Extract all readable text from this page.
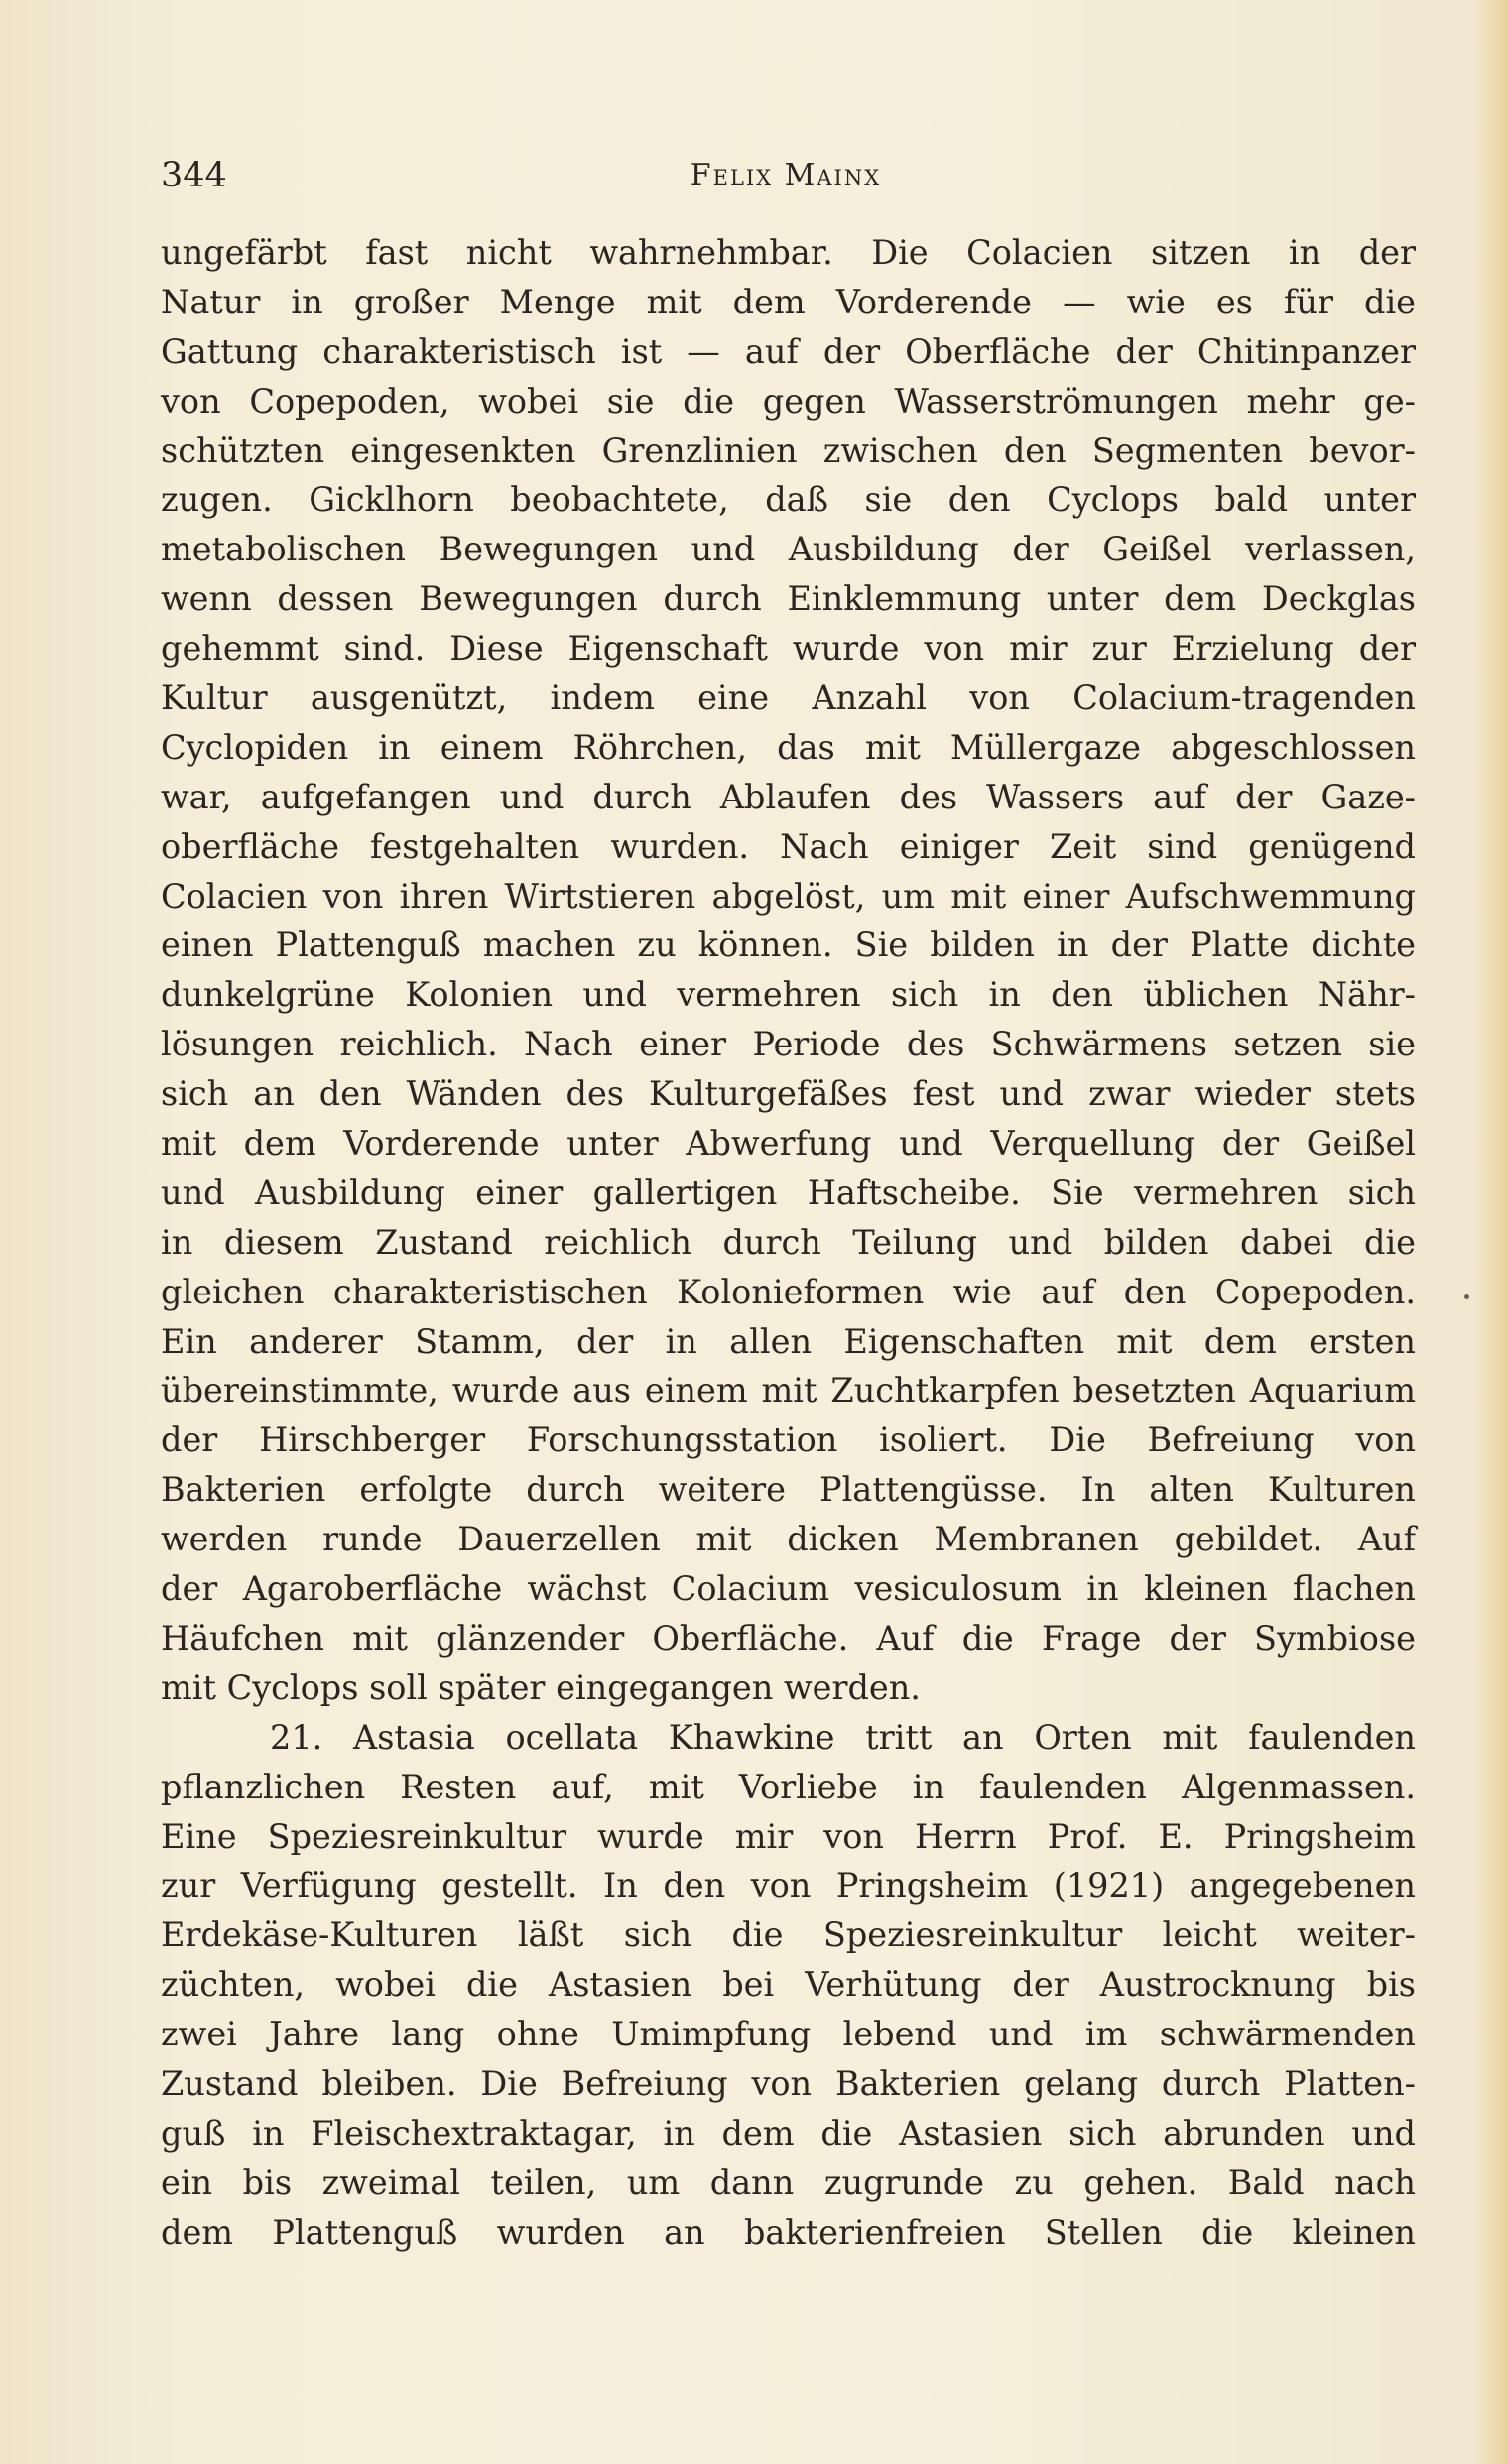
344	Felix Mainx
ungefärbt fast nicht wahrnehmbar. Die Colacien sitzen in der
Natur in großer Menge mit dem Vorderende — wie es für die
Gattung charakteristisch ist — auf der Oberfläche der Chitinpanzer
von Copepoden, wobei sie die gegen Wasserströmungen mehr ge-
schützten eingesenkten Grenzlinien zwischen den Segmenten bevor-
zugen. Gicklhorn beobachtete, daß sie den Cyclops bald unter
metabolischen Bewegungen und Ausbildung der Geißel verlassen,
wenn dessen Bewegungen durch Einklemmung unter dem Deckglas
gehemmt sind. Diese Eigenschaft wurde von mir zur Erzielung der
Kultur ausgenützt, indem eine Anzahl von Colacium-tragenden
Cyclopiden in einem Röhrchen, das mit Müllergaze abgeschlossen
war, aufgefangen und durch Ablaufen des Wassers auf der Gaze-
oberfläche festgehalten wurden. Nach einiger Zeit sind genügend
Colacien von ihren Wirtstieren abgelöst, um mit einer Aufschwemmung
einen Plattenguß machen zu können. Sie bilden in der Platte dichte
dunkelgrüne Kolonien und vermehren sich in den üblichen Nähr-
lösungen reichlich. Nach einer Periode des Schwärmens setzen sie
sich an den Wänden des Kulturgefäßes fest und zwar wieder stets
mit dem Vorderende unter Abwerfung und Verquellung der Geißel
und Ausbildung einer gallertigen Haftscheibe. Sie vermehren sich
in diesem Zustand reichlich durch Teilung und bilden dabei die
gleichen charakteristischen Kolonieformen wie auf den Copepoden.
Ein anderer Stamm, der in allen Eigenschaften mit dem ersten
übereinstimmte, wurde aus einem mit Zuchtkarpfen besetzten Aquarium
der Hirschberger Forschungsstation isoliert. Die Befreiung von
Bakterien erfolgte durch weitere Plattengüsse. In alten Kulturen
werden runde Dauerzellen mit dicken Membranen gebildet. Auf
der Agaroberfläche wächst Colacium vesiculosum in kleinen flachen
Häufchen mit glänzender Oberfläche. Auf die Frage der Symbiose
mit Cyclops soll später eingegangen werden.
21. Astasia ocellata Khawkine tritt an Orten mit faulenden
pflanzlichen Resten auf, mit Vorliebe in faulenden Algenmassen.
Eine Speziesreinkultur wurde mir von Herrn Prof. E. Pringsheim
zur Verfügung gestellt. In den von Pringsheim (1921) angegebenen
Erdekäse-Kulturen läßt sich die Speziesreinkultur leicht weiter-
züchten, wobei die Astasien bei Verhütung der Austrocknung bis
zwei Jahre lang ohne Umimpfung lebend und im schwärmenden
Zustand bleiben. Die Befreiung von Bakterien gelang durch Platten-
guß in Fleischextraktagar, in dem die Astasien sich abrunden und
ein bis zweimal teilen, um dann zugrunde zu gehen. Bald nach
dem Plattenguß wurden an bakterienfreien Stellen die kleinen
